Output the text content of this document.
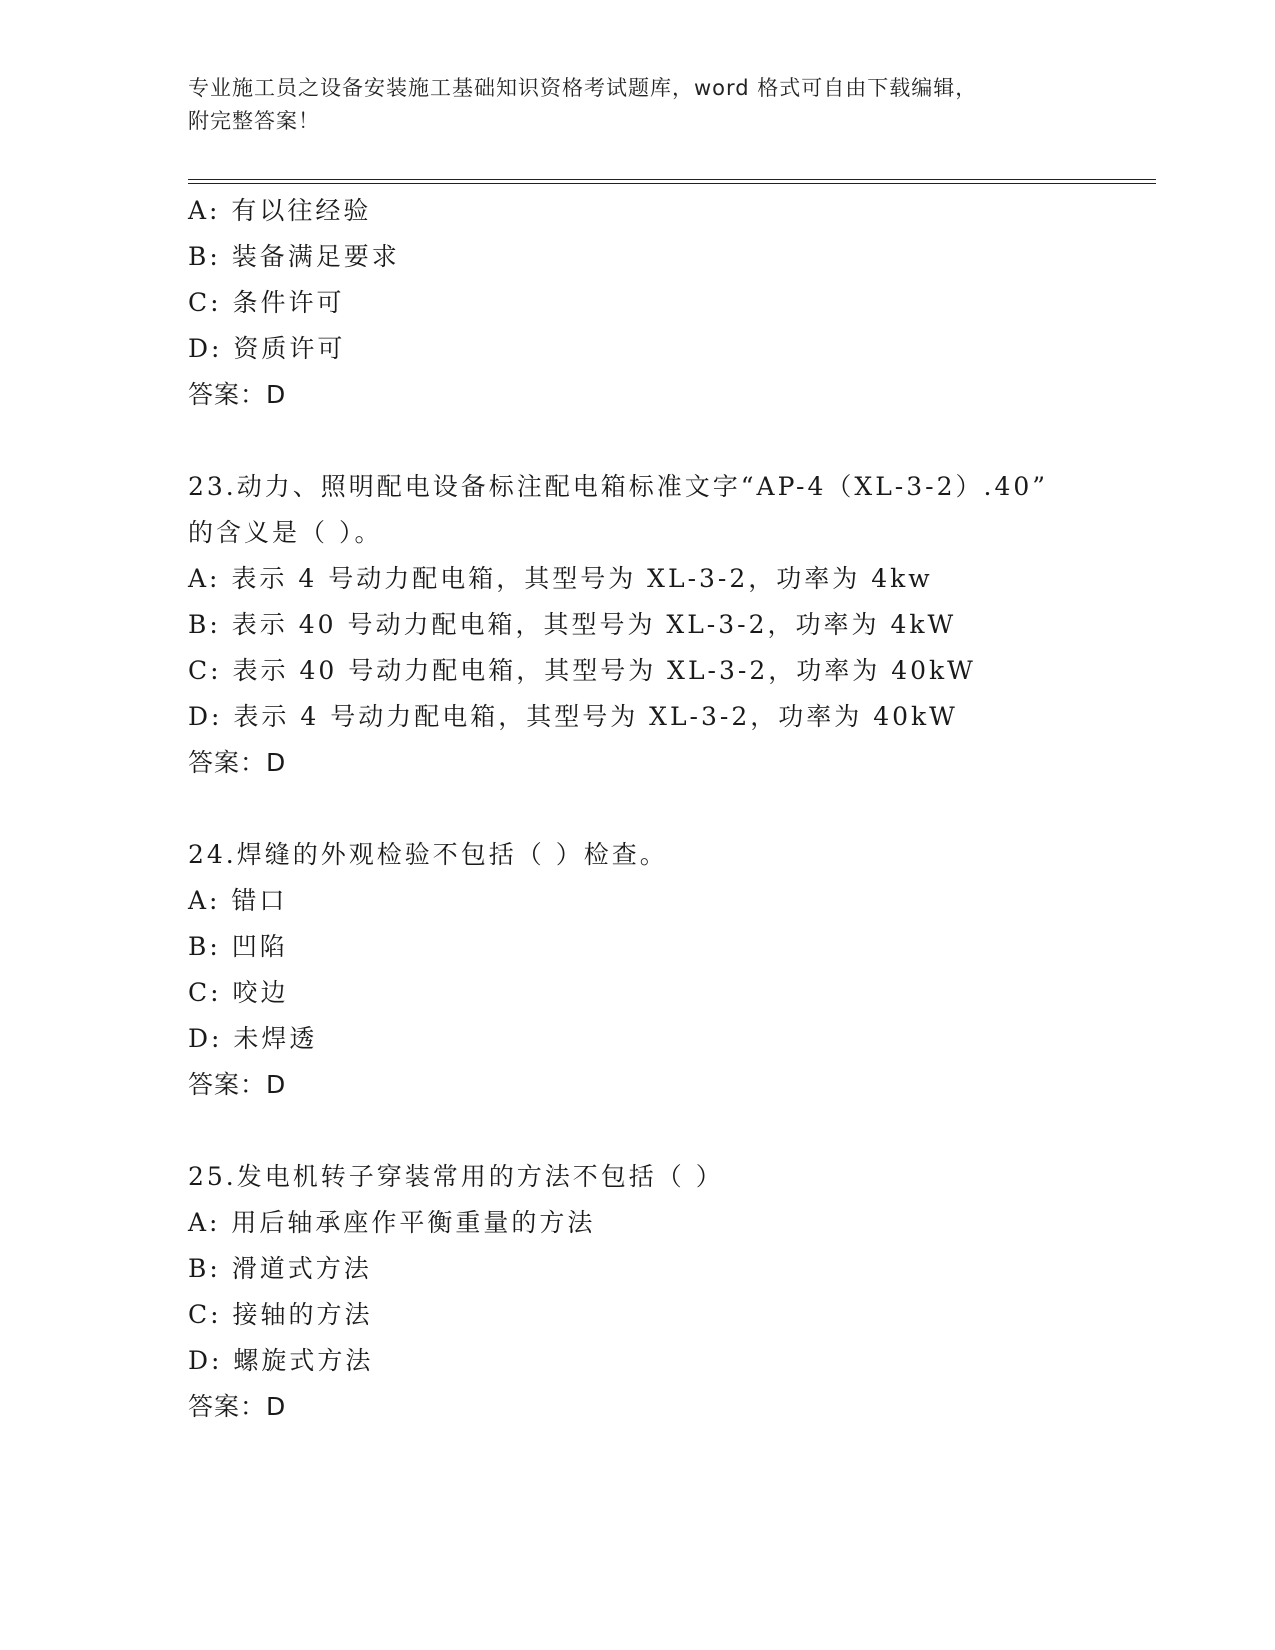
专业施工员之设备安装施工基础知识资格考试题库，word 格式可自由下载编辑，
附完整答案！
A: 有以往经验
B: 装备满足要求
C: 条件许可
D: 资质许可
答案：D
23.动力、照明配电设备标注配电箱标准文字“AP-4（XL-3-2）.40”
的含义是（ ）。
A: 表示 4 号动力配电箱，其型号为 XL-3-2，功率为 4kw
B: 表示 40 号动力配电箱，其型号为 XL-3-2，功率为 4kW
C: 表示 40 号动力配电箱，其型号为 XL-3-2，功率为 40kW
D: 表示 4 号动力配电箱，其型号为 XL-3-2，功率为 40kW
答案：D
24.焊缝的外观检验不包括（ ）检查。
A: 错口
B: 凹陷
C: 咬边
D: 未焊透
答案：D
25.发电机转子穿装常用的方法不包括（ ）
A: 用后轴承座作平衡重量的方法
B: 滑道式方法
C: 接轴的方法
D: 螺旋式方法
答案：D
